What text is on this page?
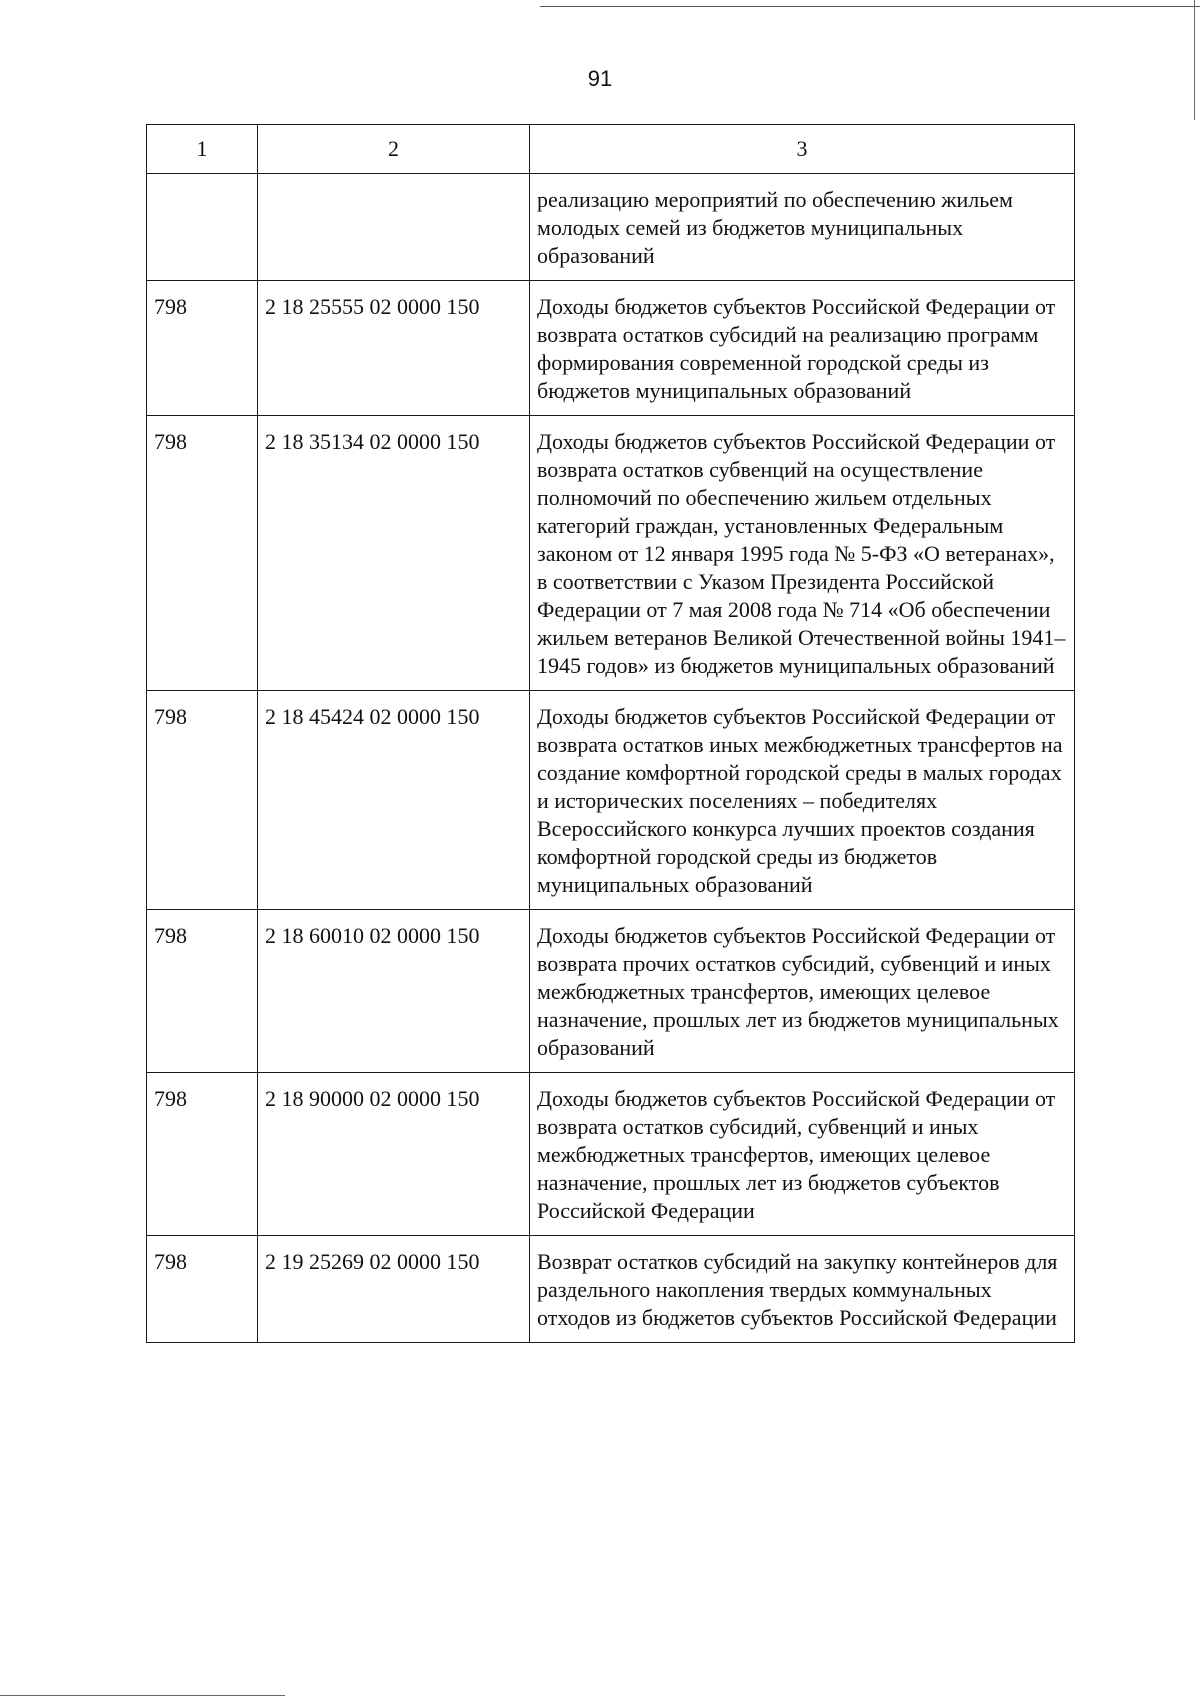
91
1	2	3
		реализацию мероприятий по обеспечению жильем молодых семей из бюджетов муниципальных образований
798	2 18 25555 02 0000 150	Доходы бюджетов субъектов Российской Федерации от возврата остатков субсидий на реализацию программ формирования современной городской среды из бюджетов муниципальных образований
798	2 18 35134 02 0000 150	Доходы бюджетов субъектов Российской Федерации от возврата остатков субвенций на осуществление полномочий по обеспечению жильем отдельных категорий граждан, установленных Федеральным законом от 12 января 1995 года № 5-ФЗ «О ветеранах», в соответствии с Указом Президента Российской Федерации от 7 мая 2008 года № 714 «Об обеспечении жильем ветеранов Великой Отечественной войны 1941–1945 годов» из бюджетов муниципальных образований
798	2 18 45424 02 0000 150	Доходы бюджетов субъектов Российской Федерации от возврата остатков иных межбюджетных трансфертов на создание комфортной городской среды в малых городах и исторических поселениях – победителях Всероссийского конкурса лучших проектов создания комфортной городской среды из бюджетов муниципальных образований
798	2 18 60010 02 0000 150	Доходы бюджетов субъектов Российской Федерации от возврата прочих остатков субсидий, субвенций и иных межбюджетных трансфертов, имеющих целевое назначение, прошлых лет из бюджетов муниципальных образований
798	2 18 90000 02 0000 150	Доходы бюджетов субъектов Российской Федерации от возврата остатков субсидий, субвенций и иных межбюджетных трансфертов, имеющих целевое назначение, прошлых лет из бюджетов субъектов Российской Федерации
798	2 19 25269 02 0000 150	Возврат остатков субсидий на закупку контейнеров для раздельного накопления твердых коммунальных отходов из бюджетов субъектов Российской Федерации
